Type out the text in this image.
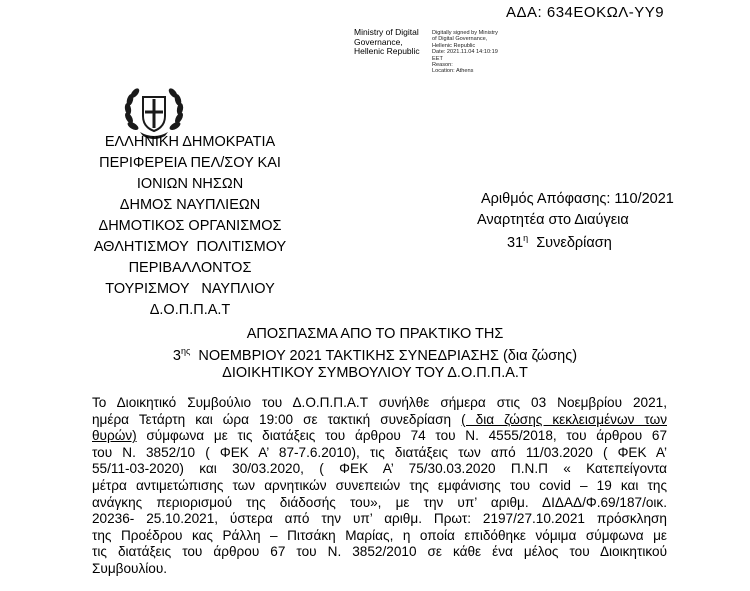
ΑΔΑ: 634ΕΟΚΩΛ-ΥΥ9
Ministry of Digital
Governance,
Hellenic Republic
Digitally signed by Ministry
of Digital Governance,
Hellenic Republic
Date: 2021.11.04 14:10:19
EET
Reason:
Location: Athens
ΕΛΛΗΝΙΚΗ ΔΗΜΟΚΡΑΤΙΑ
ΠΕΡΙΦΕΡΕΙΑ ΠΕΛ/ΣΟΥ ΚΑΙ
ΙΟΝΙΩΝ ΝΗΣΩΝ
ΔΗΜΟΣ ΝΑΥΠΛΙΕΩΝ
ΔΗΜΟΤΙΚΟΣ ΟΡΓΑΝΙΣΜΟΣ
ΑΘΛΗΤΙΣΜΟΥ  ΠΟΛΙΤΙΣΜΟΥ
ΠΕΡΙΒΑΛΛΟΝΤΟΣ
ΤΟΥΡΙΣΜΟΥ   ΝΑΥΠΛΙΟΥ
Δ.Ο.Π.Π.Α.Τ
Αριθμός Απόφασης: 110/2021
Αναρτητέα στο Διαύγεια
$31^\eta$ Συνεδρίαση
ΑΠΟΣΠΑΣΜΑ ΑΠΟ ΤΟ ΠΡΑΚΤΙΚΟ ΤΗΣ
$3^{\eta\varsigma}$  ΝΟΕΜΒΡΙΟΥ 2021 ΤΑΚΤΙΚΗΣ ΣΥΝΕΔΡΙΑΣΗΣ (δια ζώσης)
ΔΙΟΙΚΗΤΙΚΟΥ ΣΥΜΒΟΥΛΙΟΥ ΤΟΥ Δ.Ο.Π.Π.Α.Τ
Το Διοικητικό Συμβούλιο του Δ.Ο.Π.Π.Α.Τ συνήλθε σήμερα στις 03 Νοεμβρίου 2021,
ημέρα Τετάρτη και ώρα 19:00 σε τακτική συνεδρίαση ( δια ζώσης κεκλεισμένων των
θυρών) σύμφωνα με τις διατάξεις του άρθρου 74 του Ν. 4555/2018, του άρθρου 67
του Ν. 3852/10 ( ΦΕΚ Α’ 87-7.6.2010), τις διατάξεις των από 11/03.2020 ( ΦΕΚ Α’
55/11-03-2020) και 30/03.2020, ( ΦΕΚ Α’ 75/30.03.2020 Π.Ν.Π « Κατεπείγοντα
μέτρα αντιμετώπισης των αρνητικών συνεπειών της εμφάνισης του covid – 19 και της
ανάγκης περιορισμού της διάδοσής του», με την υπ’ αριθμ. ΔΙΔΑΔ/Φ.69/187/οικ.
20236- 25.10.2021, ύστερα από την υπ’ αριθμ. Πρωτ: 2197/27.10.2021 πρόσκληση
της Προέδρου κας Ράλλη – Πιτσάκη Μαρίας, η οποία επιδόθηκε νόμιμα σύμφωνα με
τις διατάξεις του άρθρου 67 του Ν. 3852/2010 σε κάθε ένα μέλος του Διοικητικού
Συμβουλίου.
